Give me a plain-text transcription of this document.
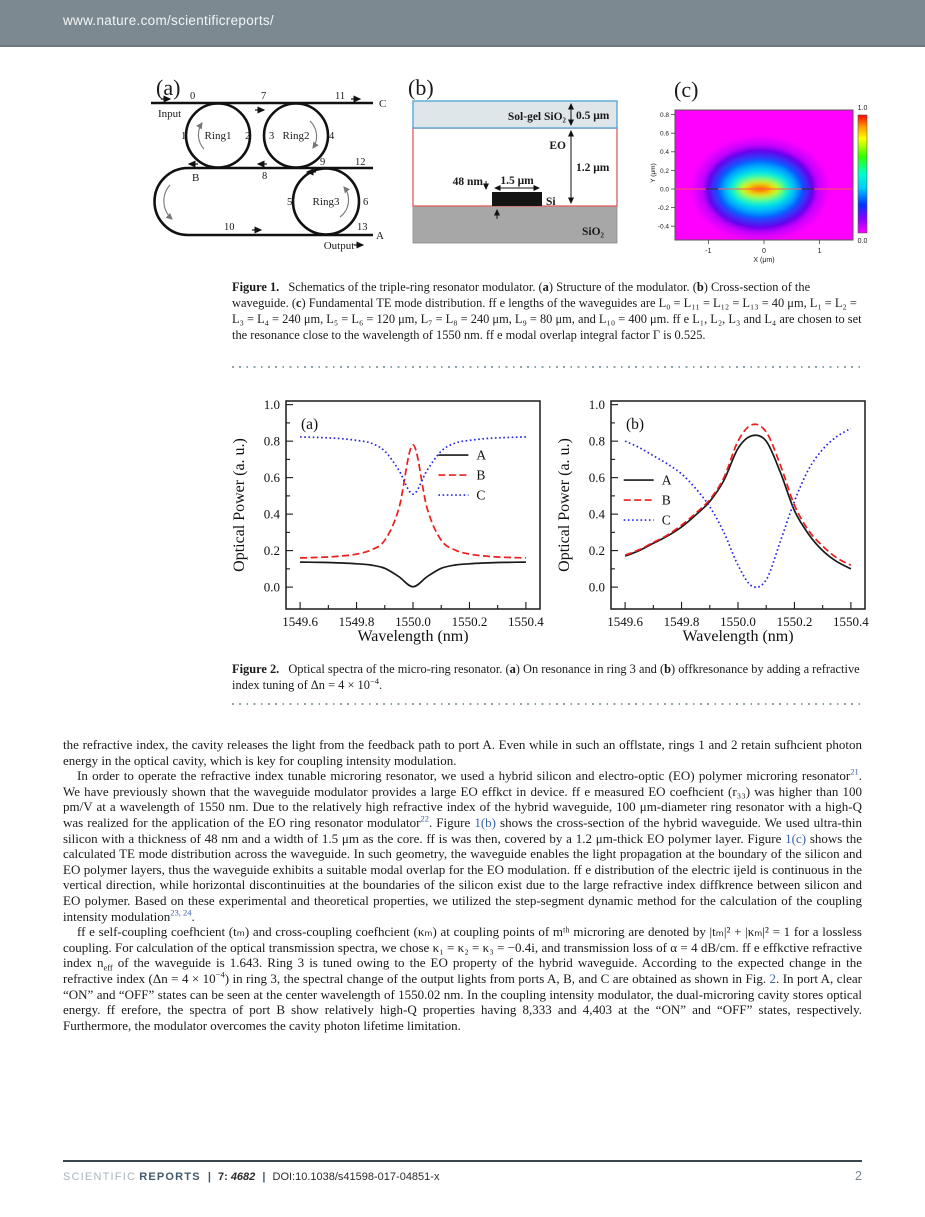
www.nature.com/scientificreports/
(a)
Input
C
B
A
Output
Ring1	Ring2
Ring3
0
1	2 3	4
5	6
7
8
9
10
11
12
13
(b)
Sol-gel SiO₂
EO
Si
SiO₂
0.5 μm
1.2 μm
1.5 μm
48 nm
(c)
0.8
0.6
0.4
0.2
0.0
-0.2
-0.4
-1	0	1
X (μm)
Y (μm)
1.0
0.0

Figure 1. Schematics of the triple-ring resonator modulator. (a) Structure of the modulator. (b) Cross-section of the waveguide. (c) Fundamental TE mode distribution. ff e lengths of the waveguides are L₀ = L₁₁ = L₁₂ = L₁₃ = 40 μm, L₁ = L₂ = L₃ = L₄ = 240 μm, L₅ = L₆ = 120 μm, L₇ = L₈ = 240 μm, L₉ = 80 μm, and L₁₀ = 400 μm. ff e L₁, L₂, L₃ and L₄ are chosen to set the resonance close to the wavelength of 1550 nm. ff e modal overlap integral factor Γ is 0.525.

1549.6 1549.8 1550.0 1550.2 1550.4
0.0
0.2
0.4
0.6
0.8
1.0
A
B
C
(a)
Wavelength (nm)
Optical Power (a. u.)
1549.6 1549.8 1550.0 1550.2 1550.4
0.0
0.2
0.4
0.6
0.8
1.0
A
B
C
(b)
Wavelength (nm)
Optical Power (a. u.)

Figure 2. Optical spectra of the micro-ring resonator. (a) On resonance in ring 3 and (b) offkresonance by adding a refractive index tuning of $\Delta n = 4 \times 10^{-4}$.

the refractive index, the cavity releases the light from the feedback path to port A. Even while in such an offlstate, rings 1 and 2 retain sufhcient photon energy in the optical cavity, which is key for coupling intensity modulation.

In order to operate the refractive index tunable microring resonator, we used a hybrid silicon and electro-optic (EO) polymer microring resonator$^{21}$. We have previously shown that the waveguide modulator provides a large EO effkct in device. ff e measured EO coefhcient (r₃₃) was higher than 100 pm/V at a wavelength of 1550 nm. Due to the relatively high refractive index of the hybrid waveguide, 100 μm-diameter ring resonator with a high-Q was realized for the application of the EO ring resonator modulator$^{22}$. Figure 1(b) shows the cross-section of the hybrid waveguide. We used ultra-thin silicon with a thickness of 48 nm and a width of 1.5 μm as the core. ff is was then, covered by a 1.2 μm-thick EO polymer layer. Figure 1(c) shows the calculated TE mode distribution across the waveguide. In such geometry, the waveguide enables the light propagation at the boundary of the silicon and EO polymer layers, thus the waveguide exhibits a suitable modal overlap for the EO modulation. ff e distribution of the electric ijeld is continuous in the vertical direction, while horizontal discontinuities at the boundaries of the silicon exist due to the large refractive index diffkrence between silicon and EO polymer. Based on these experimental and theoretical properties, we utilized the step-segment dynamic method for the calculation of the coupling intensity modulation$^{23, 24}$.

ff e self-coupling coefhcient (tₘ) and cross-coupling coefhcient (κₘ) at coupling points of mᵗʰ microring are denoted by |tₘ|² + |κₘ|² = 1 for a lossless coupling. For calculation of the optical transmission spectra, we chose κ₁ = κ₂ = κ₃ = −0.4i, and transmission loss of α = 4 dB/cm. ff e effkctive refractive index $n_{eff}$ of the waveguide is 1.643. Ring 3 is tuned owing to the EO property of the hybrid waveguide. According to the expected change in the refractive index $(\Delta n = 4 \times 10^{-4})$ in ring 3, the spectral change of the output lights from ports A, B, and C are obtained as shown in Fig. 2. In port A, clear “ON” and “OFF” states can be seen at the center wavelength of 1550.02 nm. In the coupling intensity modulator, the dual-microring cavity stores optical energy. ff erefore, the spectra of port B show relatively high-Q properties having 8,333 and 4,403 at the “ON” and “OFF” states, respectively. Furthermore, the modulator overcomes the cavity photon lifetime limitation.

SCIENTIFIC REPORTS | 7: 4682 | DOI:10.1038/s41598-017-04851-x	2
